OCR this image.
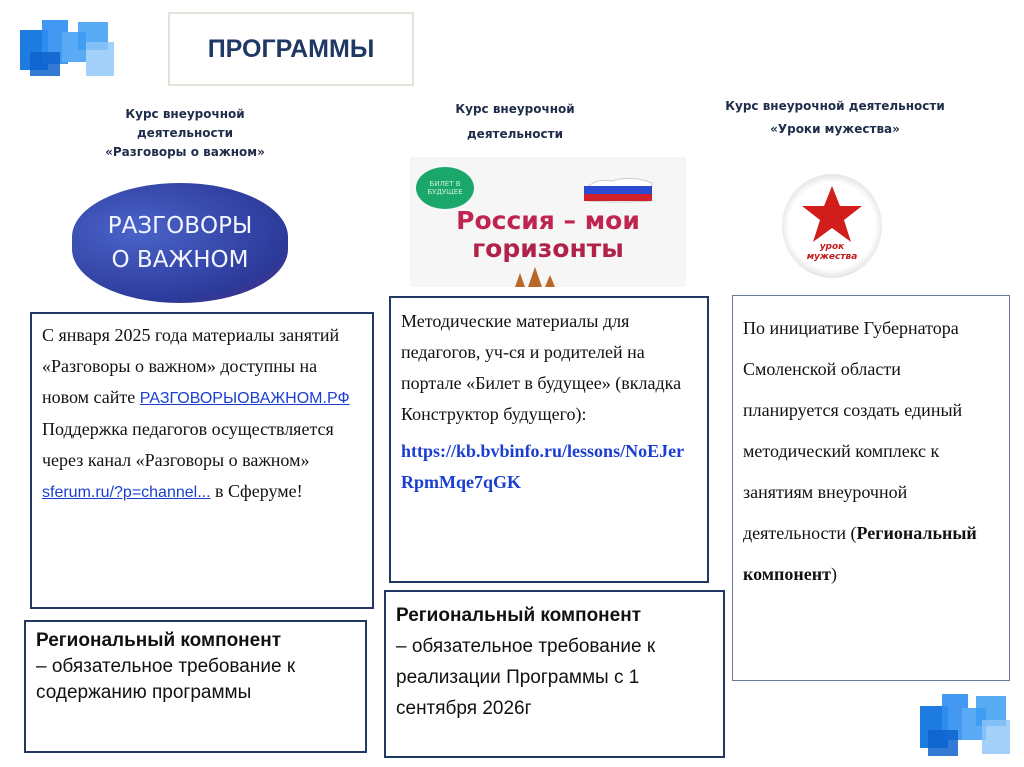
ПРОГРАММЫ
Курс внеурочной
деятельности
«Разговоры о важном»
РАЗГОВОРЫ
О ВАЖНОМ
Курс внеурочной
деятельности
БИЛЕТ В БУДУЩЕЕ
Россия – мои
горизонты
Курс внеурочной деятельности
«Уроки мужества»
урок
мужества
С января 2025 года материалы занятий «Разговоры о важном» доступны на новом сайте РАЗГОВОРЫОВАЖНОМ.РФ Поддержка педагогов осуществляется через канал «Разговоры о важном» sferum.ru/?p=channel... в Сферуме!
Региональный компонент
– обязательное требование к содержанию программы
Методические материалы для педагогов, уч-ся и родителей на портале «Билет в будущее» (вкладка Конструктор будущего):
https://kb.bvbinfo.ru/lessons/NoEJerRpmMqe7qGK
Региональный компонент
– обязательное требование к реализации Программы с 1 сентября 2026г
По инициативе Губернатора Смоленской области планируется создать единый методический комплекс к занятиям внеурочной деятельности (Региональный компонент)
